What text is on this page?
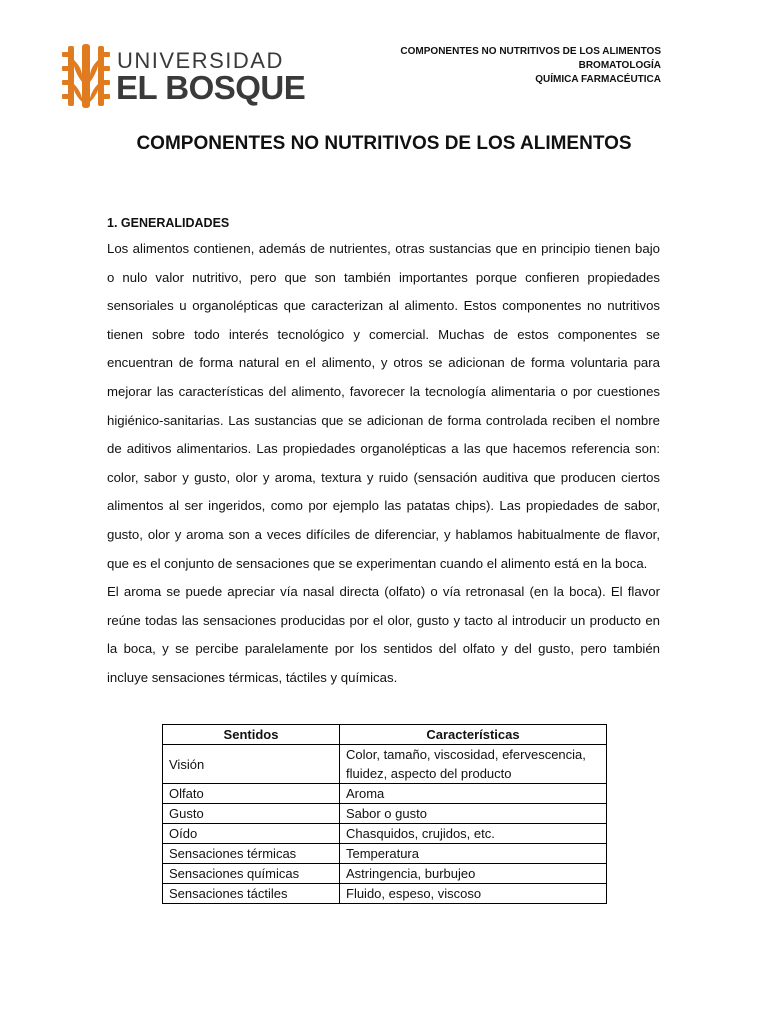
UNIVERSIDAD
EL BOSQUE
COMPONENTES NO NUTRITIVOS DE LOS ALIMENTOS
BROMATOLOGÍA
QUÍMICA FARMACÉUTICA
COMPONENTES NO NUTRITIVOS DE LOS ALIMENTOS

1. GENERALIDADES

Los alimentos contienen, además de nutrientes, otras sustancias que en principio tienen bajo o nulo valor nutritivo, pero que son también importantes porque confieren propiedades sensoriales u organolépticas que caracterizan al alimento. Estos componentes no nutritivos tienen sobre todo interés tecnológico y comercial. Muchas de estos componentes se encuentran de forma natural en el alimento, y otros se adicionan de forma voluntaria para mejorar las características del alimento, favorecer la tecnología alimentaria o por cuestiones higiénico-sanitarias. Las sustancias que se adicionan de forma controlada reciben el nombre de aditivos alimentarios. Las propiedades organolépticas a las que hacemos referencia son: color, sabor y gusto, olor y aroma, textura y ruido (sensación auditiva que producen ciertos alimentos al ser ingeridos, como por ejemplo las patatas chips). Las propiedades de sabor, gusto, olor y aroma son a veces difíciles de diferenciar, y hablamos habitualmente de flavor, que es el conjunto de sensaciones que se experimentan cuando el alimento está en la boca.

El aroma se puede apreciar vía nasal directa (olfato) o vía retronasal (en la boca). El flavor reúne todas las sensaciones producidas por el olor, gusto y tacto al introducir un producto en la boca, y se percibe paralelamente por los sentidos del olfato y del gusto, pero también incluye sensaciones térmicas, táctiles y químicas.

Sentidos	Características
Visión	Color, tamaño, viscosidad, efervescencia, fluidez, aspecto del producto
Olfato	Aroma
Gusto	Sabor o gusto
Oído	Chasquidos, crujidos, etc.
Sensaciones térmicas	Temperatura
Sensaciones químicas	Astringencia, burbujeo
Sensaciones táctiles	Fluido, espeso, viscoso
